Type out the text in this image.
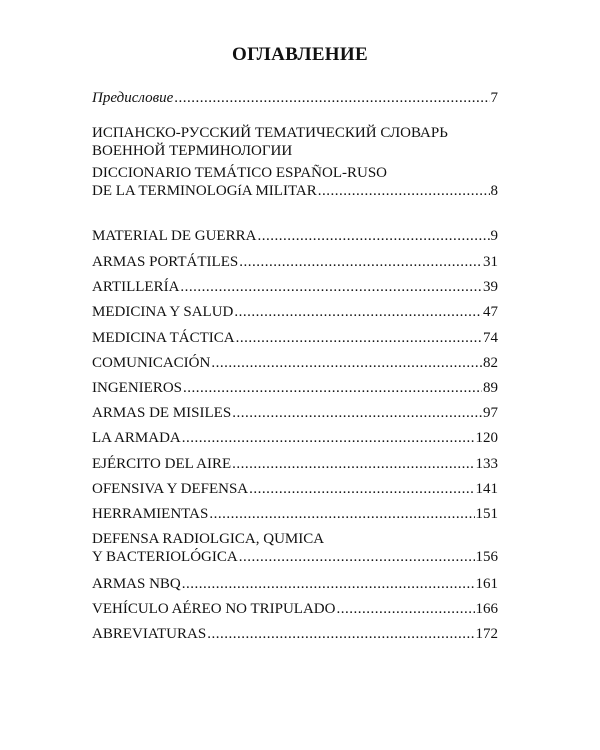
ОГЛАВЛЕНИЕ
Предисловие .....	7
ИСПАНСКО-РУССКИЙ ТЕМАТИЧЕСКИЙ СЛОВАРЬ
ВОЕННОЙ ТЕРМИНОЛОГИИ
DICCIONARIO TEMÁTICO ESPAÑOL-RUSO
DE LA TERMINOLOGíA MILITAR .....	8
MATERIAL DE GUERRA .....	9
ARMAS PORTÁTILES .....	31
ARTILLERÍA .....	39
MEDICINA Y SALUD .....	47
MEDICINA TÁCTICA .....	74
COMUNICACIÓN .....	82
INGENIEROS .....	89
ARMAS DE MISILES .....	97
LA ARMADA .....	120
EJÉRCITO DEL AIRE .....	133
OFENSIVA Y DEFENSA .....	141
HERRAMIENTAS .....	151
DEFENSA RADIOLGICA, QUMICA
Y BACTERIOLÓGICA .....	156
ARMAS NBQ .....	161
VEHÍCULO AÉREO NO TRIPULADO .....	166
ABREVIATURAS .....	172
